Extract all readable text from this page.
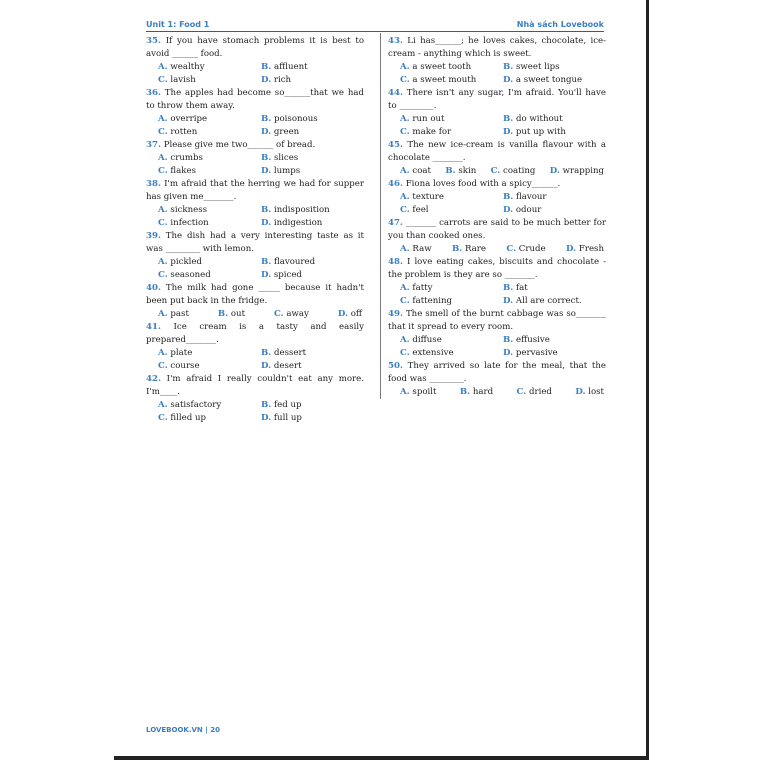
Unit 1: Food 1	Nhà sách Lovebook
35. If you have stomach problems it is best to avoid ______ food.
A. wealthy	B. affluent
C. lavish	D. rich
36. The apples had become so______that we had to throw them away.
A. overripe	B. poisonous
C. rotten	D. green
37. Please give me two______ of bread.
A. crumbs	B. slices
C. flakes	D. lumps
38. I'm afraid that the herring we had for supper has given me_______.
A. sickness	B. indisposition
C. infection	D. indigestion
39. The dish had a very interesting taste as it was ________ with lemon.
A. pickled	B. flavoured
C. seasoned	D. spiced
40. The milk had gone _____ because it hadn't been put back in the fridge.
A. past	B. out	C. away	D. off
41. Ice cream is a tasty and easily prepared_______.
A. plate	B. dessert
C. course	D. desert
42. I'm afraid I really couldn't eat any more. I'm____.
A. satisfactory	B. fed up
C. filled up	D. full up
43. Li has______; he loves cakes, chocolate, ice-cream - anything which is sweet.
A. a sweet tooth	B. sweet lips
C. a sweet mouth	D. a sweet tongue
44. There isn't any sugar, I'm afraid. You'll have to ________.
A. run out	B. do without
C. make for	D. put up with
45. The new ice-cream is vanilla flavour with a chocolate _______.
A. coat B. skin C. coating D. wrapping
46. Fiona loves food with a spicy______.
A. texture	B. flavour
C. feel	D. odour
47. _______ carrots are said to be much better for you than cooked ones.
A. Raw B. Rare C. Crude D. Fresh
48. I love eating cakes, biscuits and chocolate - the problem is they are so _______.
A. fatty	B. fat
C. fattening	D. All are correct.
49. The smell of the burnt cabbage was so_______ that it spread to every room.
A. diffuse	B. effusive
C. extensive	D. pervasive
50. They arrived so late for the meal, that the food was ________.
A. spoilt	B. hard	C. dried	D. lost
LOVEBOOK.VN | 20
